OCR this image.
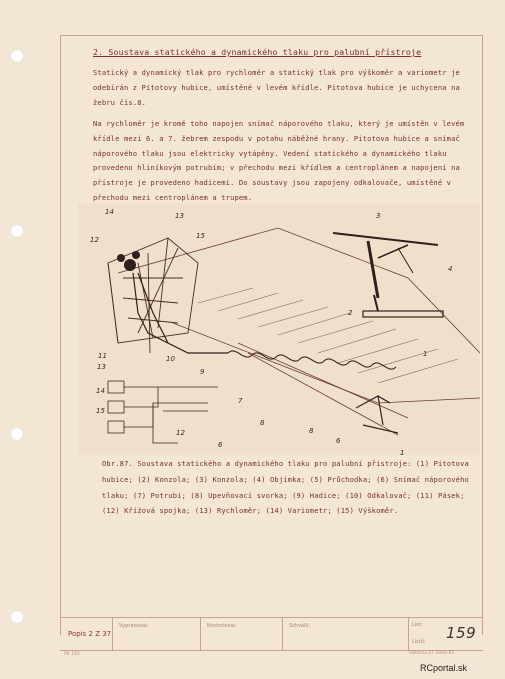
2. Soustava statického a dynamického tlaku pro palubní přístroje
Statický a dynamický tlak pro rychloměr a statický tlak pro výškoměr a variometr je odebírán z Pitotovy hubice, umístěné v levém křídle. Pitotova hubice je uchycena na žebru čís.8.
Na rychloměr je kromě toho napojen snímač náporového tlaku, který je umístěn v levém křídle mezi 6. a 7. žebrem zespodu v potahu náběžné hrany. Pitotova hubice a snímač náporového tlaku jsou elektricky vytápěny. Vedení statického a dynamického tlaku provedeno hliníkovým potrubím; v přechodu mezi křídlem a centroplánem a napojení na přístroje je provedeno hadicemi. Do soustavy jsou zapojeny odkalovače, umístěné v přechodu mezi centroplánem a trupem.
14	13
12	15
11	10
13
9
14
15
7
8
12
6	6
8
1
3
4
2
1
Obr.87. Soustava statického a dynamického tlaku pro palubní přístroje: (1) Pitotova hubice; (2) Konzola; (3) Konzola; (4) Objímka; (5) Průchodka; (6) Snímač náporového tlaku; (7) Potrubí; (8) Upevňovací svorka; (9) Hadice; (10) Odkalovač; (11) Pásek; (12) Křížová spojka; (13) Rychloměr; (14) Variometr; (15) Výškoměr.
Popis 2 Z 37
Vypracoval:	Kontroloval:	Schválil:	List:
Listů: 159
PK 115	Tiskárna ZT 2050-65
RCportal.sk
